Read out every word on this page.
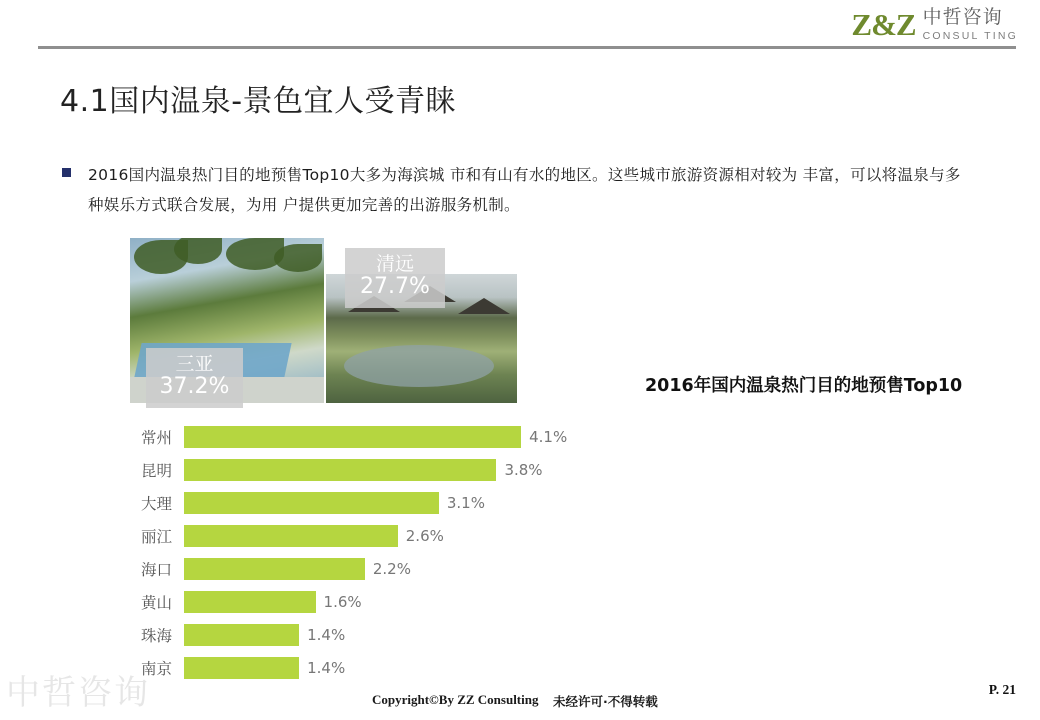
Z&Z 中哲咨询
CONSUL TING
4.1国内温泉-景色宜人受青睐
2016国内温泉热门目的地预售Top10大多为海滨城 市和有山有水的地区。这些城市旅游资源相对较为 丰富，可以将温泉与多种娱乐方式联合发展，为用 户提供更加完善的出游服务机制。
清远
27.7%
三亚
37.2%	2016年国内温泉热门目的地预售Top10
常州	4.1%
昆明	3.8%
大理	3.1%
丽江	2.6%
海口	2.2%
黄山	1.6%
珠海	1.4%
南京	1.4%
中哲咨询	Copyright©By ZZ Consulting 未经许可·不得转载
P. 21
